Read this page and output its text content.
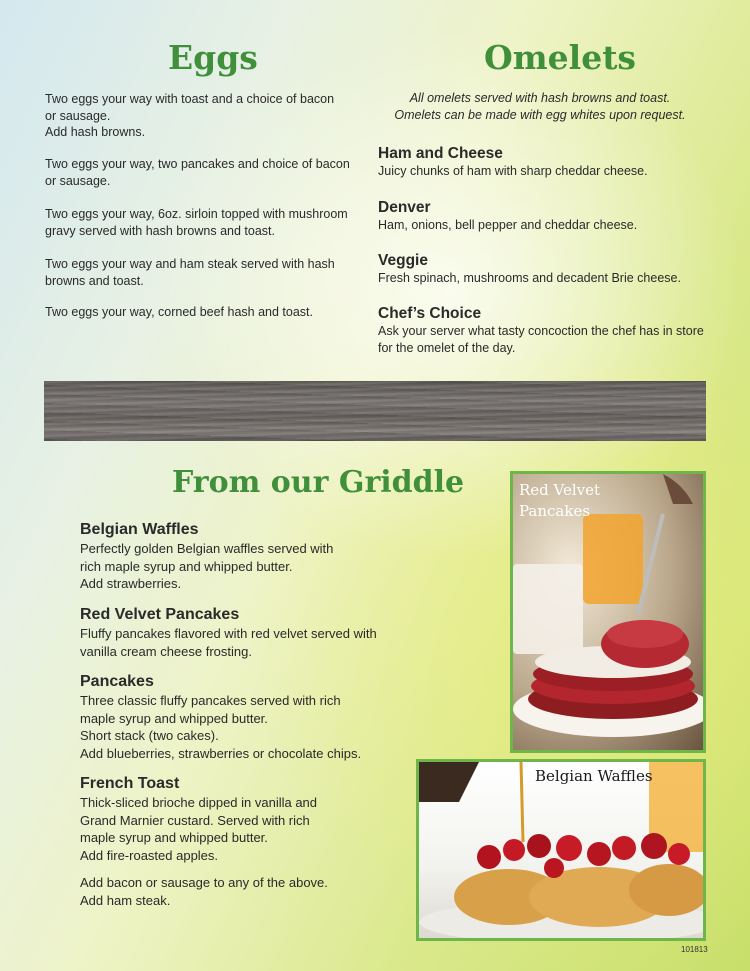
Eggs
Two eggs your way with toast and a choice of bacon
or sausage.
Add hash browns.
Two eggs your way, two pancakes and choice of bacon
or sausage.
Two eggs your way, 6oz. sirloin topped with mushroom
gravy served with hash browns and toast.
Two eggs your way and ham steak served with hash
browns and toast.
Two eggs your way, corned beef hash and toast.
Omelets
All omelets served with hash browns and toast.
Omelets can be made with egg whites upon request.
Ham and Cheese
Juicy chunks of ham with sharp cheddar cheese.
Denver
Ham, onions, bell pepper and cheddar cheese.
Veggie
Fresh spinach, mushrooms and decadent Brie cheese.
Chef’s Choice
Ask your server what tasty concoction the chef has in store
for the omelet of the day.
From our Griddle
Belgian Waffles
Perfectly golden Belgian waffles served with
rich maple syrup and whipped butter.
Add strawberries.
Red Velvet Pancakes
Fluffy pancakes flavored with red velvet served with
vanilla cream cheese frosting.
Pancakes
Three classic fluffy pancakes served with rich
maple syrup and whipped butter.
Short stack (two cakes).
Add blueberries, strawberries or chocolate chips.
French Toast
Thick-sliced brioche dipped in vanilla and
Grand Marnier custard. Served with rich
maple syrup and whipped butter.
Add fire-roasted apples.
Add bacon or sausage to any of the above.
Add ham steak.
Red Velvet
Pancakes
Belgian Waffles
101813
